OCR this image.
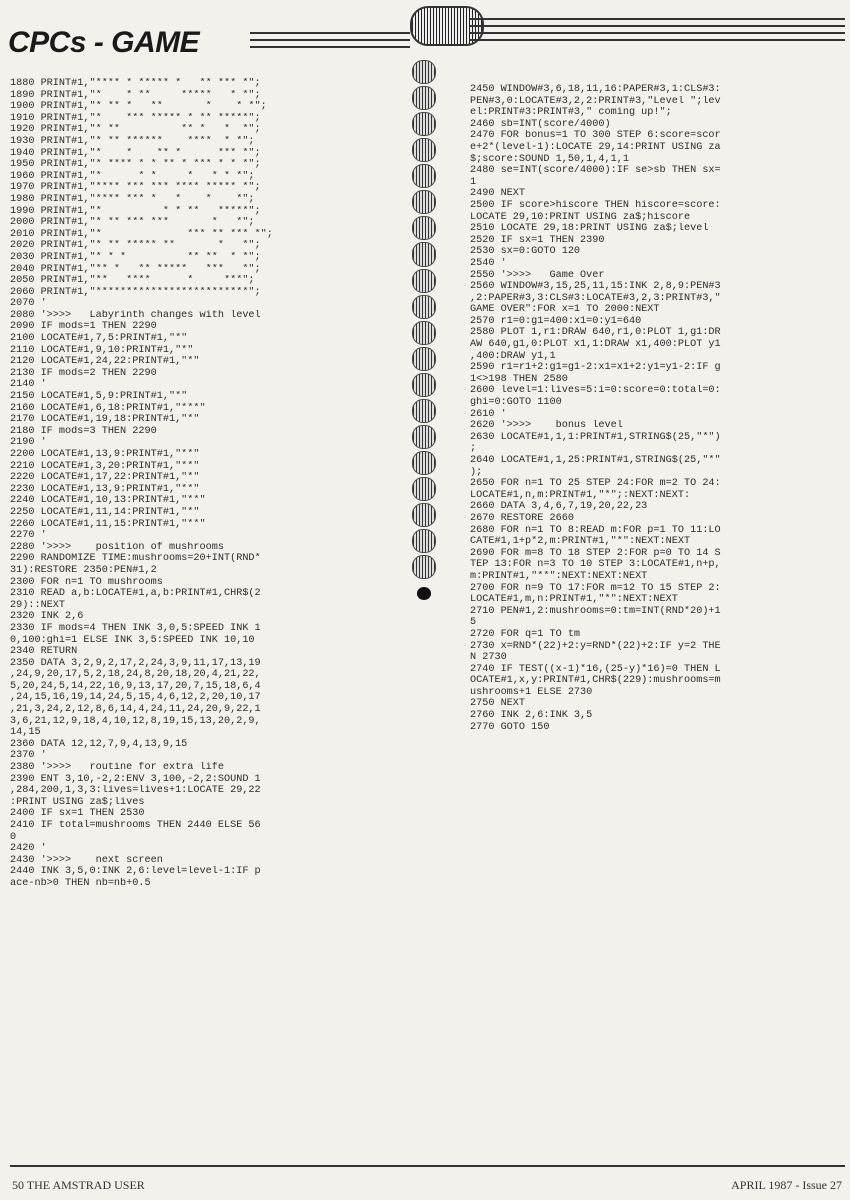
CPCs - GAME
1880 PRINT#1,"**** * ***** *   ** *** *";
1890 PRINT#1,"*    * **     *****   * *";
1900 PRINT#1,"* ** *   **       *    * *";
1910 PRINT#1,"*    *** ***** * ** *****";
1920 PRINT#1,"* **          ** *   *  *";
1930 PRINT#1,"* ** ******    ****  * *";
1940 PRINT#1,"*    *    ** *      *** *";
1950 PRINT#1,"* **** * * ** * *** * * *";
1960 PRINT#1,"*      * *     *   * * *";
1970 PRINT#1,"**** *** *** **** ***** *";
1980 PRINT#1,"**** *** *   *    *    *";
1990 PRINT#1,"*          * * **   *****";
2000 PRINT#1,"* ** *** ***       *   *";
2010 PRINT#1,"*              *** ** *** *";
2020 PRINT#1,"* ** ***** **       *   *";
2030 PRINT#1,"* * *          ** **  * *";
2040 PRINT#1,"** *   ** *****   ***   *";
2050 PRINT#1,"**   ****      *     ***";
2060 PRINT#1,"*************************";
2070 '
2080 '>>>>   Labyrinth changes with level
2090 IF mods=1 THEN 2290
2100 LOCATE#1,7,5:PRINT#1,"*"
2110 LOCATE#1,9,10:PRINT#1,"*"
2120 LOCATE#1,24,22:PRINT#1,"*"
2130 IF mods=2 THEN 2290
2140 '
2150 LOCATE#1,5,9:PRINT#1,"*"
2160 LOCATE#1,6,18:PRINT#1,"***"
2170 LOCATE#1,19,18:PRINT#1,"*"
2180 IF mods=3 THEN 2290
2190 '
2200 LOCATE#1,13,9:PRINT#1,"**"
2210 LOCATE#1,3,20:PRINT#1,"**"
2220 LOCATE#1,17,22:PRINT#1,"*"
2230 LOCATE#1,13,9:PRINT#1,"**"
2240 LOCATE#1,10,13:PRINT#1,"**"
2250 LOCATE#1,11,14:PRINT#1,"*"
2260 LOCATE#1,11,15:PRINT#1,"**"
2270 '
2280 '>>>>    position of mushrooms
2290 RANDOMIZE TIME:mushrooms=20+INT(RND*
31):RESTORE 2350:PEN#1,2
2300 FOR n=1 TO mushrooms
2310 READ a,b:LOCATE#1,a,b:PRINT#1,CHR$(2
29)::NEXT
2320 INK 2,6
2330 IF mods=4 THEN INK 3,0,5:SPEED INK 1
0,100:ghi=1 ELSE INK 3,5:SPEED INK 10,10
2340 RETURN
2350 DATA 3,2,9,2,17,2,24,3,9,11,17,13,19
,24,9,20,17,5,2,18,24,8,20,18,20,4,21,22,
5,20,24,5,14,22,16,9,13,17,20,7,15,18,6,4
,24,15,16,19,14,24,5,15,4,6,12,2,20,10,17
,21,3,24,2,12,8,6,14,4,24,11,24,20,9,22,1
3,6,21,12,9,18,4,10,12,8,19,15,13,20,2,9,
14,15
2360 DATA 12,12,7,9,4,13,9,15
2370 '
2380 '>>>>   routine for extra life
2390 ENT 3,10,-2,2:ENV 3,100,-2,2:SOUND 1
,284,200,1,3,3:lives=lives+1:LOCATE 29,22
:PRINT USING za$;lives
2400 IF sx=1 THEN 2530
2410 IF total=mushrooms THEN 2440 ELSE 56
0
2420 '
2430 '>>>>    next screen
2440 INK 3,5,0:INK 2,6:level=level-1:IF p
ace-nb>0 THEN nb=nb+0.5
2450 WINDOW#3,6,18,11,16:PAPER#3,1:CLS#3:
PEN#3,0:LOCATE#3,2,2:PRINT#3,"Level ";lev
el:PRINT#3:PRINT#3," coming up!";
2460 sb=INT(score/4000)
2470 FOR bonus=1 TO 300 STEP 6:score=scor
e+2*(level-1):LOCATE 29,14:PRINT USING za
$;score:SOUND 1,50,1,4,1,1
2480 se=INT(score/4000):IF se>sb THEN sx=
1
2490 NEXT
2500 IF score>hiscore THEN hiscore=score:
LOCATE 29,10:PRINT USING za$;hiscore
2510 LOCATE 29,18:PRINT USING za$;level
2520 IF sx=1 THEN 2390
2530 sx=0:GOTO 120
2540 '
2550 '>>>>   Game Over
2560 WINDOW#3,15,25,11,15:INK 2,8,9:PEN#3
,2:PAPER#3,3:CLS#3:LOCATE#3,2,3:PRINT#3,"
GAME OVER":FOR x=1 TO 2000:NEXT
2570 r1=0:g1=400:x1=0:y1=640
2580 PLOT 1,r1:DRAW 640,r1,0:PLOT 1,g1:DR
AW 640,g1,0:PLOT x1,1:DRAW x1,400:PLOT y1
,400:DRAW y1,1
2590 r1=r1+2:g1=g1-2:x1=x1+2:y1=y1-2:IF g
1<>198 THEN 2580
2600 level=1:lives=5:i=0:score=0:total=0:
ghi=0:GOTO 1100
2610 '
2620 '>>>>    bonus level
2630 LOCATE#1,1,1:PRINT#1,STRING$(25,"*")
;
2640 LOCATE#1,1,25:PRINT#1,STRING$(25,"*"
);
2650 FOR n=1 TO 25 STEP 24:FOR m=2 TO 24:
LOCATE#1,n,m:PRINT#1,"*";:NEXT:NEXT:
2660 DATA 3,4,6,7,19,20,22,23
2670 RESTORE 2660
2680 FOR n=1 TO 8:READ m:FOR p=1 TO 11:LO
CATE#1,1+p*2,m:PRINT#1,"*":NEXT:NEXT
2690 FOR m=8 TO 18 STEP 2:FOR p=0 TO 14 S
TEP 13:FOR n=3 TO 10 STEP 3:LOCATE#1,n+p,
m:PRINT#1,"**":NEXT:NEXT:NEXT
2700 FOR n=9 TO 17:FOR m=12 TO 15 STEP 2:
LOCATE#1,m,n:PRINT#1,"*":NEXT:NEXT
2710 PEN#1,2:mushrooms=0:tm=INT(RND*20)+1
5
2720 FOR q=1 TO tm
2730 x=RND*(22)+2:y=RND*(22)+2:IF y=2 THE
N 2730
2740 IF TEST((x-1)*16,(25-y)*16)=0 THEN L
OCATE#1,x,y:PRINT#1,CHR$(229):mushrooms=m
ushrooms+1 ELSE 2730
2750 NEXT
2760 INK 2,6:INK 3,5
2770 GOTO 150
50 THE AMSTRAD USER	APRIL 1987 - Issue 27
